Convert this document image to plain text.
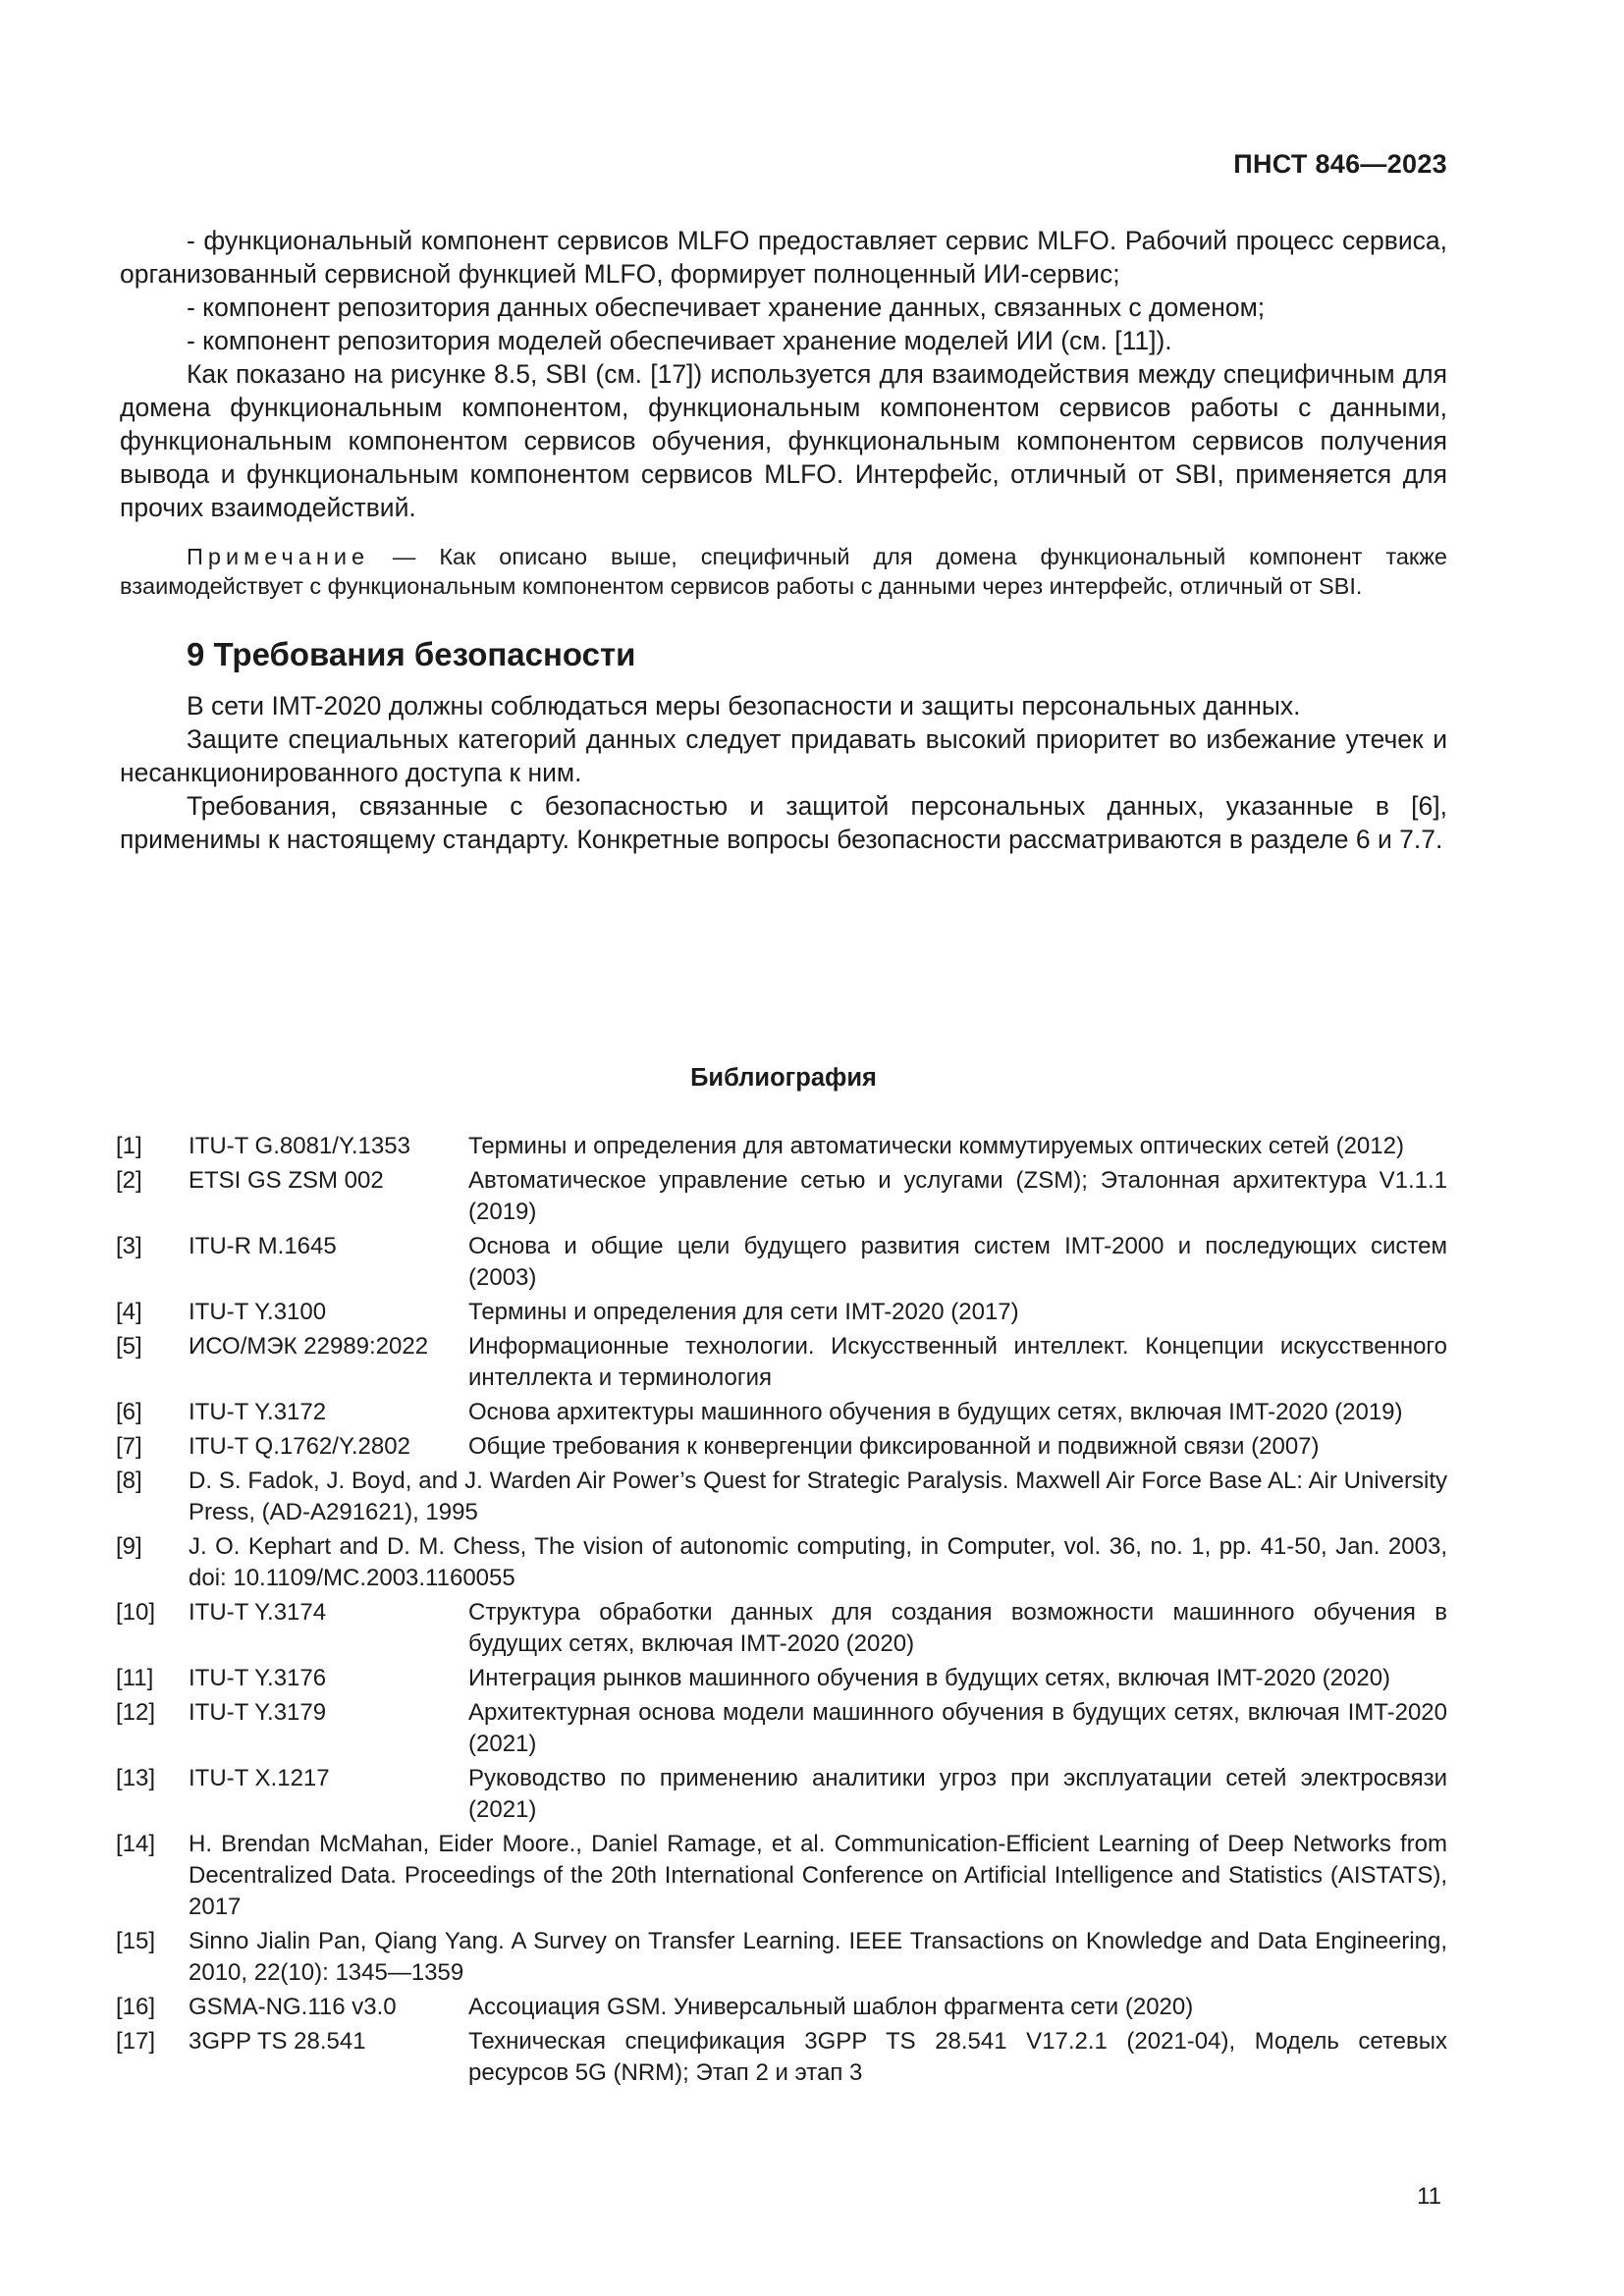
ПНСТ 846—2023

- функциональный компонент сервисов MLFO предоставляет сервис MLFO. Рабочий процесс сервиса, организованный сервисной функцией MLFO, формирует полноценный ИИ-сервис;

- компонент репозитория данных обеспечивает хранение данных, связанных с доменом;

- компонент репозитория моделей обеспечивает хранение моделей ИИ (см. [11]).

Как показано на рисунке 8.5, SBI (см. [17]) используется для взаимодействия между специфичным для домена функциональным компонентом, функциональным компонентом сервисов работы с данными, функциональным компонентом сервисов обучения, функциональным компонентом сервисов получения вывода и функциональным компонентом сервисов MLFO. Интерфейс, отличный от SBI, применяется для прочих взаимодействий.

Примечание — Как описано выше, специфичный для домена функциональный компонент также взаимодействует с функциональным компонентом сервисов работы с данными через интерфейс, отличный от SBI.

9 Требования безопасности

В сети IMT-2020 должны соблюдаться меры безопасности и защиты персональных данных.

Защите специальных категорий данных следует придавать высокий приоритет во избежание утечек и несанкционированного доступа к ним.

Требования, связанные с безопасностью и защитой персональных данных, указанные в [6], применимы к настоящему стандарту. Конкретные вопросы безопасности рассматриваются в разделе 6 и 7.7.

Библиография
[1]	ITU-T G.8081/Y.1353	Термины и определения для автоматически коммутируемых оптических сетей (2012)
[2]	ETSI GS ZSM 002	Автоматическое управление сетью и услугами (ZSM); Эталонная архитектура V1.1.1 (2019)
[3]	ITU-R M.1645	Основа и общие цели будущего развития систем IMT-2000 и последующих систем (2003)
[4]	ITU-T Y.3100	Термины и определения для сети IMT-2020 (2017)
[5]	ИСО/МЭК 22989:2022	Информационные технологии. Искусственный интеллект. Концепции искусственного интеллекта и терминология
[6]	ITU-T Y.3172	Основа архитектуры машинного обучения в будущих сетях, включая IMT-2020 (2019)
[7]	ITU-T Q.1762/Y.2802	Общие требования к конвергенции фиксированной и подвижной связи (2007)
[8]	D. S. Fadok, J. Boyd, and J. Warden Air Power’s Quest for Strategic Paralysis. Maxwell Air Force Base AL: Air University Press, (AD-A291621), 1995
[9]	J. O. Kephart and D. M. Chess, The vision of autonomic computing, in Computer, vol. 36, no. 1, pp. 41-50, Jan. 2003, doi: 10.1109/MC.2003.1160055
[10]	ITU-T Y.3174	Структура обработки данных для создания возможности машинного обучения в будущих сетях, включая IMT-2020 (2020)
[11]	ITU-T Y.3176	Интеграция рынков машинного обучения в будущих сетях, включая IMT-2020 (2020)
[12]	ITU-T Y.3179	Архитектурная основа модели машинного обучения в будущих сетях, включая IMT-2020 (2021)
[13]	ITU-T X.1217	Руководство по применению аналитики угроз при эксплуатации сетей электросвязи (2021)
[14]	H. Brendan McMahan, Eider Moore., Daniel Ramage, et al. Communication-Efficient Learning of Deep Networks from Decentralized Data. Proceedings of the 20th International Conference on Artificial Intelligence and Statistics (AISTATS), 2017
[15]	Sinno Jialin Pan, Qiang Yang. A Survey on Transfer Learning. IEEE Transactions on Knowledge and Data Engineering, 2010, 22(10): 1345—1359
[16]	GSMA-NG.116 v3.0	Ассоциация GSM. Универсальный шаблон фрагмента сети (2020)
[17]	3GPP TS 28.541	Техническая спецификация 3GPP TS 28.541 V17.2.1 (2021-04), Модель сетевых ресурсов 5G (NRM); Этап 2 и этап 3
11
